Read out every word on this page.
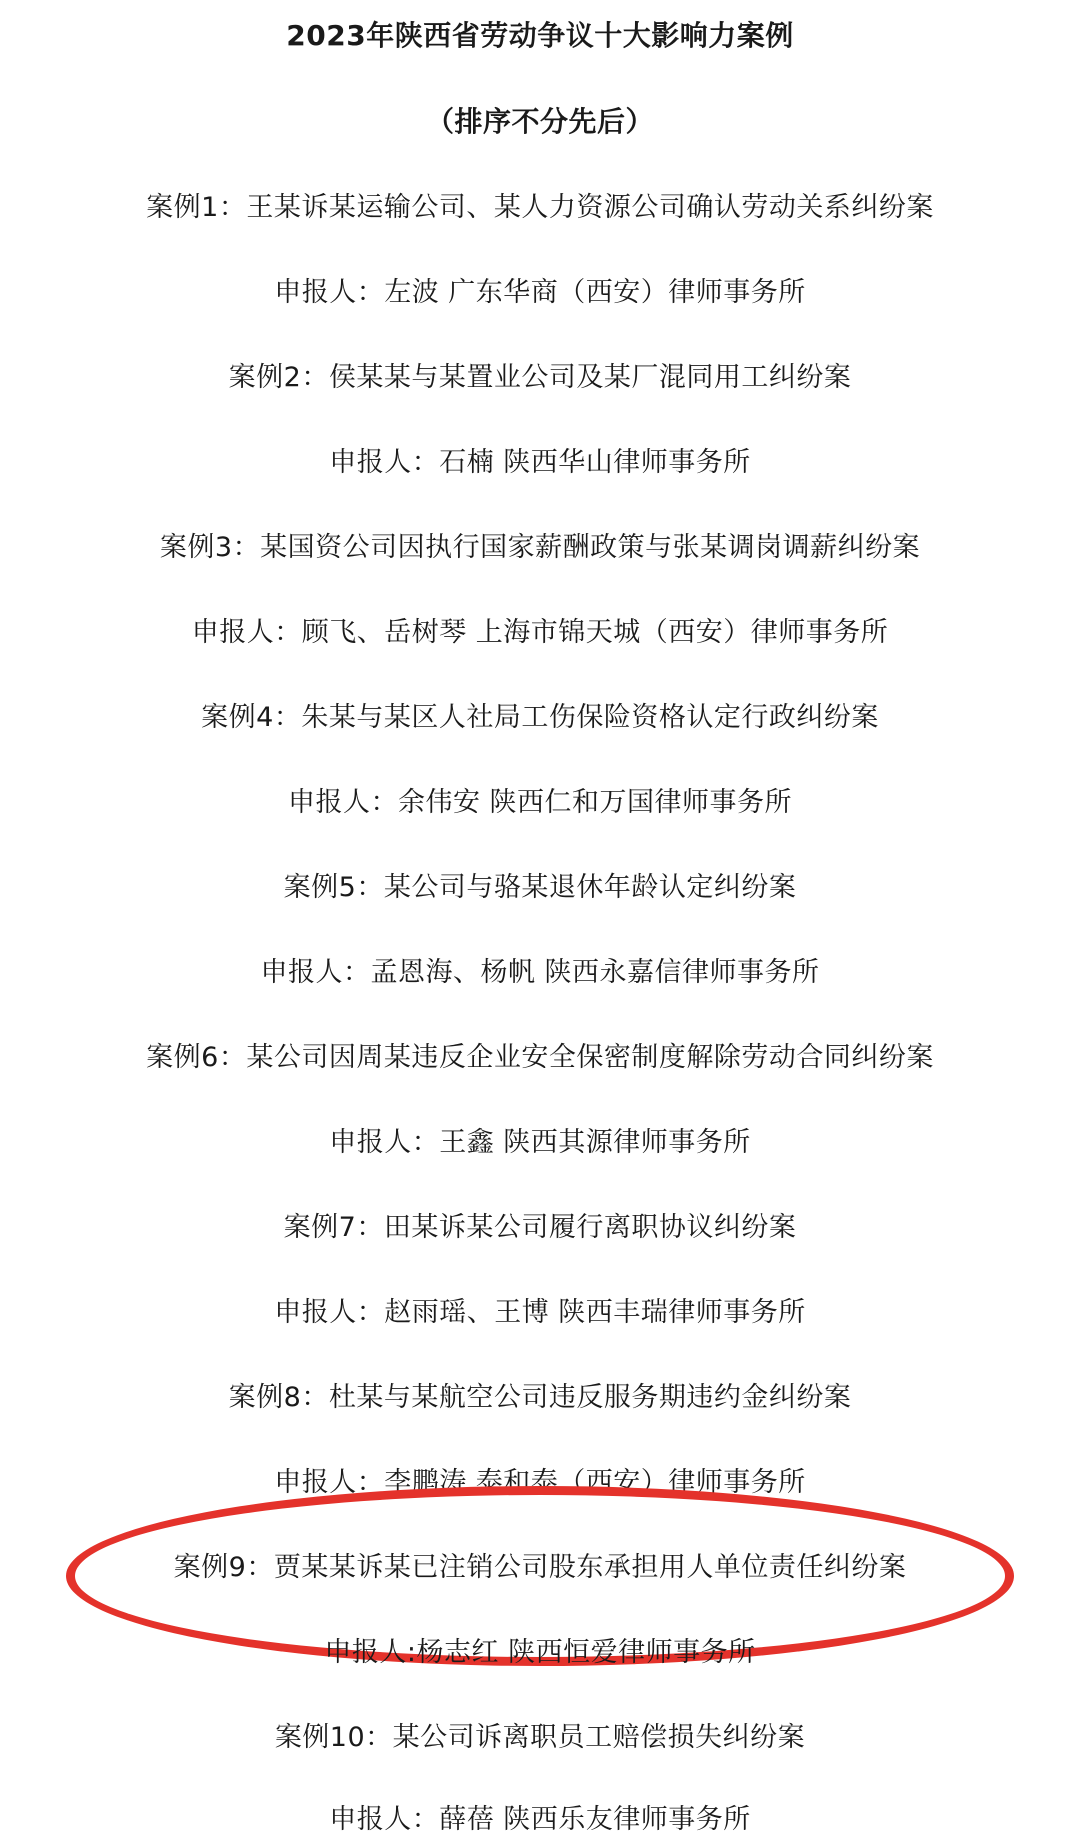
2023年陕西省劳动争议十大影响力案例
（排序不分先后）
案例1：王某诉某运输公司、某人力资源公司确认劳动关系纠纷案
申报人：左波 广东华商（西安）律师事务所
案例2：侯某某与某置业公司及某厂混同用工纠纷案
申报人：石楠 陕西华山律师事务所
案例3：某国资公司因执行国家薪酬政策与张某调岗调薪纠纷案
申报人：顾飞、岳树琴 上海市锦天城（西安）律师事务所
案例4：朱某与某区人社局工伤保险资格认定行政纠纷案
申报人：余伟安 陕西仁和万国律师事务所
案例5：某公司与骆某退休年龄认定纠纷案
申报人：孟恩海、杨帆 陕西永嘉信律师事务所
案例6：某公司因周某违反企业安全保密制度解除劳动合同纠纷案
申报人：王鑫 陕西其源律师事务所
案例7：田某诉某公司履行离职协议纠纷案
申报人：赵雨瑶、王博 陕西丰瑞律师事务所
案例8：杜某与某航空公司违反服务期违约金纠纷案
申报人：李鹏涛 泰和泰（西安）律师事务所
案例9：贾某某诉某已注销公司股东承担用人单位责任纠纷案
申报人:杨志红 陕西恒爱律师事务所
案例10：某公司诉离职员工赔偿损失纠纷案
申报人：薛蓓 陕西乐友律师事务所
